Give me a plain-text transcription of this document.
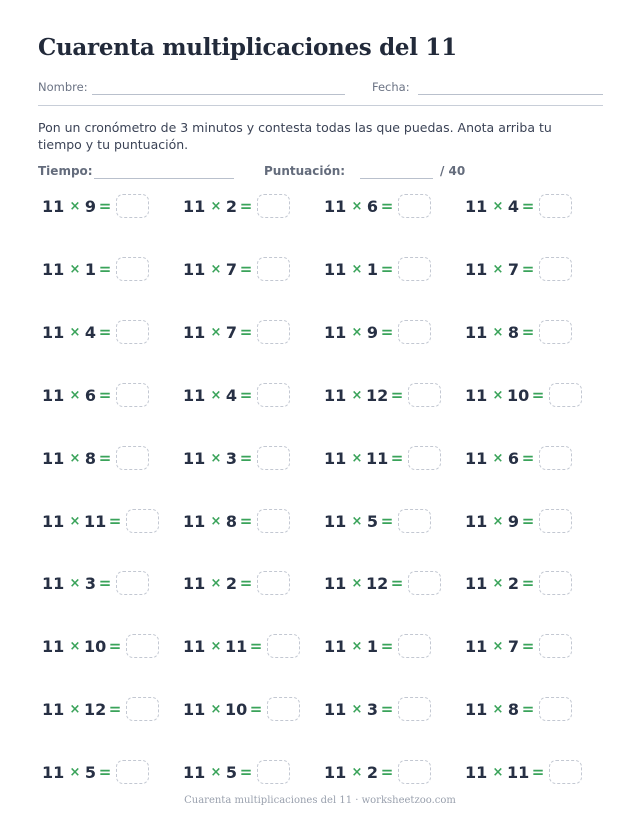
Cuarenta multiplicaciones del 11
Nombre:	Fecha:

Pon un cronómetro de 3 minutos y contesta todas las que puedas. Anota arriba tu tiempo y tu puntuación.

Tiempo:	Puntuación:	/ 40
11 × 9 =	11 × 2 =	11 × 6 =	11 × 4 =
11 × 1 =	11 × 7 =	11 × 1 =	11 × 7 =
11 × 4 =	11 × 7 =	11 × 9 =	11 × 8 =
11 × 6 =	11 × 4 =	11 × 12 =	11 × 10 =
11 × 8 =	11 × 3 =	11 × 11 =	11 × 6 =
11 × 11 =	11 × 8 =	11 × 5 =	11 × 9 =
11 × 3 =	11 × 2 =	11 × 12 =	11 × 2 =
11 × 10 =	11 × 11 =	11 × 1 =	11 × 7 =
11 × 12 =	11 × 10 =	11 × 3 =	11 × 8 =
11 × 5 =	11 × 5 =	11 × 2 =	11 × 11 =
Cuarenta multiplicaciones del 11 · worksheetzoo.com
